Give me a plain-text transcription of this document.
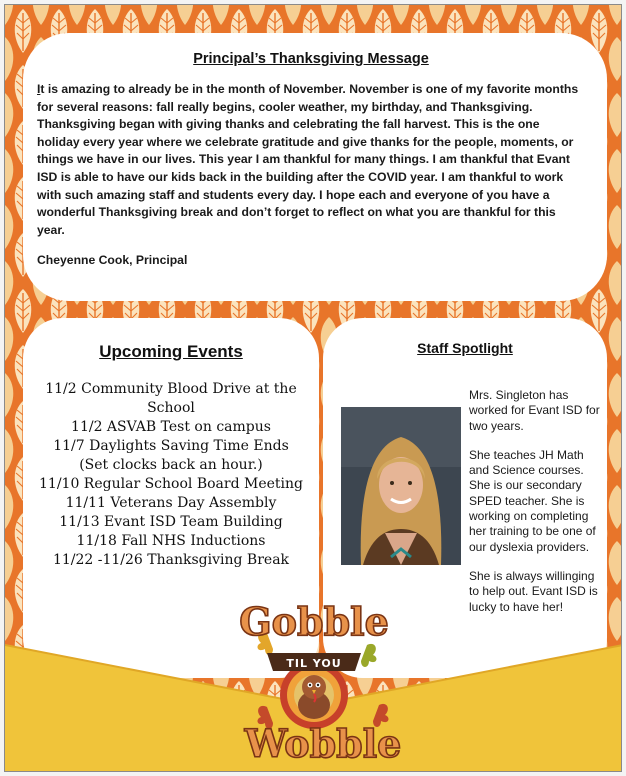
Principal’s Thanksgiving Message

It is amazing to already be in the month of November. November is one of my favorite months for several reasons: fall really begins, cooler weather, my birthday, and Thanksgiving. Thanksgiving began with giving thanks and celebrating the fall harvest. This is the one holiday every year where we celebrate gratitude and give thanks for the people, moments, or things we have in our lives. This year I am thankful for many things. I am thankful that Evant ISD is able to have our kids back in the building after the COVID year. I am thankful to work with such amazing staff and students every day. I hope each and everyone of you have a wonderful Thanksgiving break and don’t forget to reflect on what you are thankful for this year.

Cheyenne Cook, Principal
Upcoming Events
11/2 Community Blood Drive at the School
11/2 ASVAB Test on campus
11/7 Daylights Saving Time Ends (Set clocks back an hour.)
11/10 Regular School Board Meeting
11/11 Veterans Day Assembly
11/13 Evant ISD Team Building
11/18 Fall NHS Inductions
11/22 -11/26 Thanksgiving Break
Staff Spotlight

Mrs. Singleton has worked for Evant ISD for two years.

She teaches JH Math and Science courses. She is our secondary SPED teacher. She is working on completing her training to be one of our dyslexia providers.

She is always willinging to help out. Evant ISD is lucky to have her!

Gobble
TIL YOU
Wobble
